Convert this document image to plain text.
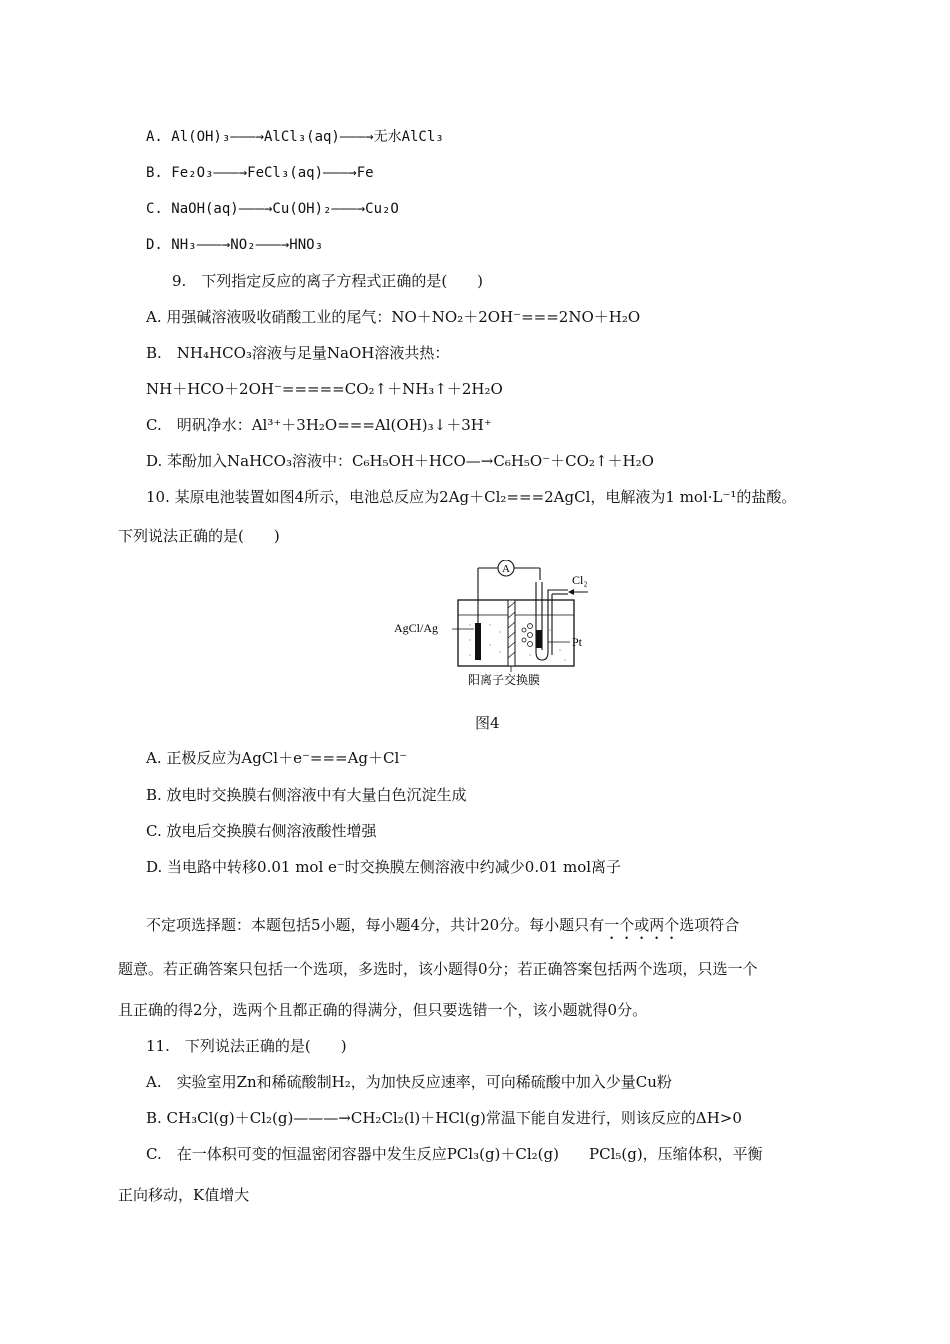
A. Al(OH)₃———→AlCl₃(aq)———→无水AlCl₃
B. Fe₂O₃———→FeCl₃(aq)———→Fe
C. NaOH(aq)———→Cu(OH)₂———→Cu₂O
D. NH₃———→NO₂———→HNO₃
9.　下列指定反应的离子方程式正确的是(　　)
A. 用强碱溶液吸收硝酸工业的尾气：NO＋NO₂＋2OH⁻===2NO＋H₂O
B.　NH₄HCO₃溶液与足量NaOH溶液共热：
NH＋HCO＋2OH⁻=====CO₂↑＋NH₃↑＋2H₂O
C.　明矾净水：Al³⁺＋3H₂O===Al(OH)₃↓＋3H⁺
D. 苯酚加入NaHCO₃溶液中：C₆H₅OH＋HCO—→C₆H₅O⁻＋CO₂↑＋H₂O
10. 某原电池装置如图4所示，电池总反应为2Ag＋Cl₂===2AgCl，电解液为1 mol·L⁻¹的盐酸。
下列说法正确的是(　　)
A
Cl₂
AgCl/Ag
Pt
阳离子交换膜
图4
A. 正极反应为AgCl＋e⁻===Ag＋Cl⁻
B. 放电时交换膜右侧溶液中有大量白色沉淀生成
C. 放电后交换膜右侧溶液酸性增强
D. 当电路中转移0.01 mol e⁻时交换膜左侧溶液中约减少0.01 mol离子
不定项选择题：本题包括5小题，每小题4分，共计20分。每小题只有一个或两个选项符合
题意。若正确答案只包括一个选项，多选时，该小题得0分；若正确答案包括两个选项，只选一个
且正确的得2分，选两个且都正确的得满分，但只要选错一个，该小题就得0分。
11.　下列说法正确的是(　　)
A.　实验室用Zn和稀硫酸制H₂，为加快反应速率，可向稀硫酸中加入少量Cu粉
B. CH₃Cl(g)＋Cl₂(g)———→CH₂Cl₂(l)＋HCl(g)常温下能自发进行，则该反应的ΔH>0
C.　在一体积可变的恒温密闭容器中发生反应PCl₃(g)＋Cl₂(g)　　PCl₅(g)，压缩体积，平衡
正向移动，K值增大
